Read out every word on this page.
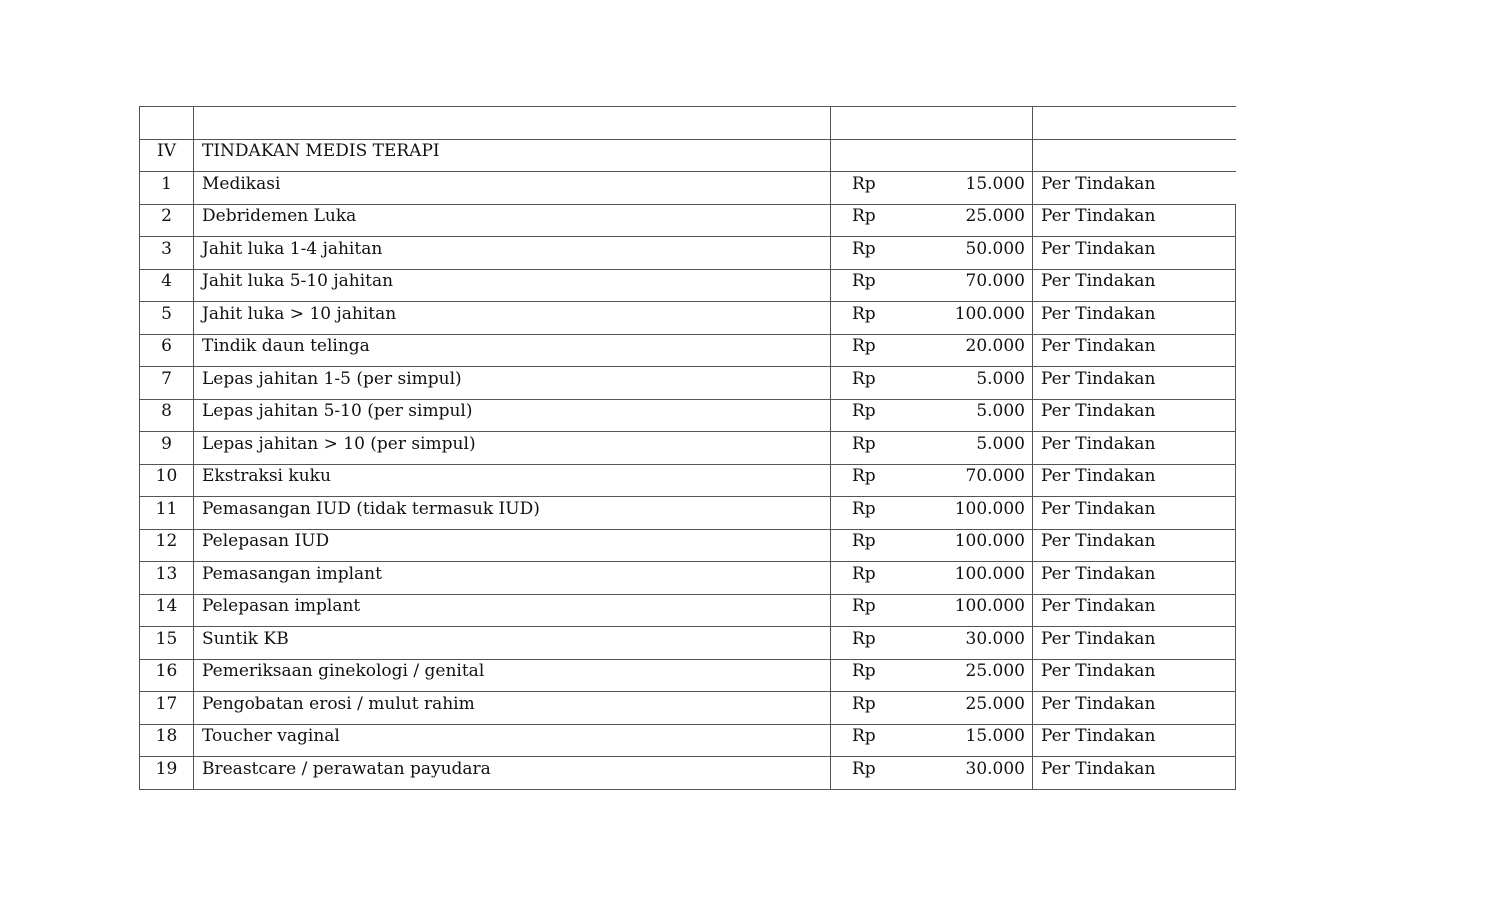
IV	TINDAKAN MEDIS TERAPI		
1	Medikasi	Rp 15.000	Per Tindakan
2	Debridemen Luka	Rp 25.000	Per Tindakan
3	Jahit luka 1-4 jahitan	Rp 50.000	Per Tindakan
4	Jahit luka 5-10 jahitan	Rp 70.000	Per Tindakan
5	Jahit luka > 10 jahitan	Rp 100.000	Per Tindakan
6	Tindik daun telinga	Rp 20.000	Per Tindakan
7	Lepas jahitan 1-5 (per simpul)	Rp 5.000	Per Tindakan
8	Lepas jahitan 5-10 (per simpul)	Rp 5.000	Per Tindakan
9	Lepas jahitan > 10 (per simpul)	Rp 5.000	Per Tindakan
10	Ekstraksi kuku	Rp 70.000	Per Tindakan
11	Pemasangan IUD (tidak termasuk IUD)	Rp 100.000	Per Tindakan
12	Pelepasan IUD	Rp 100.000	Per Tindakan
13	Pemasangan implant	Rp 100.000	Per Tindakan
14	Pelepasan implant	Rp 100.000	Per Tindakan
15	Suntik KB	Rp 30.000	Per Tindakan
16	Pemeriksaan ginekologi / genital	Rp 25.000	Per Tindakan
17	Pengobatan erosi / mulut rahim	Rp 25.000	Per Tindakan
18	Toucher vaginal	Rp 15.000	Per Tindakan
19	Breastcare / perawatan payudara	Rp 30.000	Per Tindakan
